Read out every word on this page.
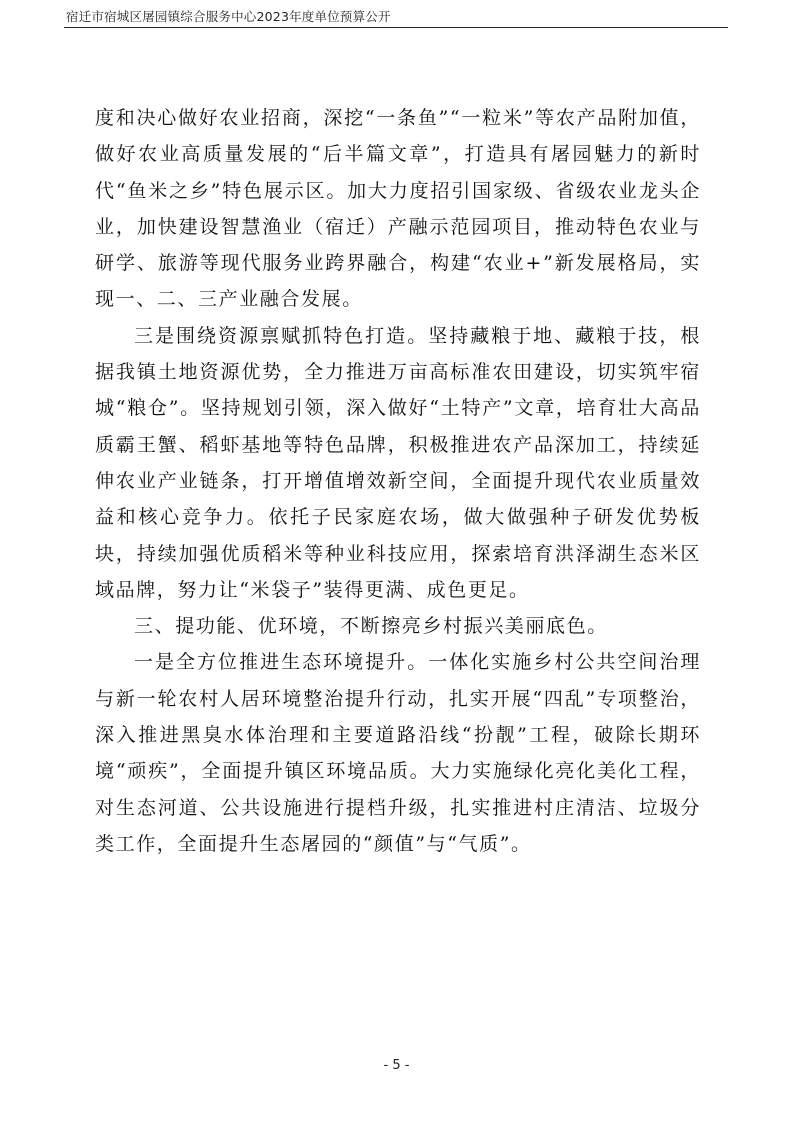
宿迁市宿城区屠园镇综合服务中心2023年度单位预算公开

度和决心做好农业招商，深挖“一条鱼”“一粒米”等农产品附加值，做好农业高质量发展的“后半篇文章”，打造具有屠园魅力的新时代“鱼米之乡”特色展示区。加大力度招引国家级、省级农业龙头企业，加快建设智慧渔业（宿迁）产融示范园项目，推动特色农业与研学、旅游等现代服务业跨界融合，构建“农业+”新发展格局，实现一、二、三产业融合发展。

三是围绕资源禀赋抓特色打造。坚持藏粮于地、藏粮于技，根据我镇土地资源优势，全力推进万亩高标准农田建设，切实筑牢宿城“粮仓”。坚持规划引领，深入做好“土特产”文章，培育壮大高品质霸王蟹、稻虾基地等特色品牌，积极推进农产品深加工，持续延伸农业产业链条，打开增值增效新空间，全面提升现代农业质量效益和核心竞争力。依托子民家庭农场，做大做强种子研发优势板块，持续加强优质稻米等种业科技应用，探索培育洪泽湖生态米区域品牌，努力让“米袋子”装得更满、成色更足。

三、提功能、优环境，不断擦亮乡村振兴美丽底色。

一是全方位推进生态环境提升。一体化实施乡村公共空间治理与新一轮农村人居环境整治提升行动，扎实开展“四乱”专项整治，深入推进黑臭水体治理和主要道路沿线“扮靓”工程，破除长期环境“顽疾”，全面提升镇区环境品质。大力实施绿化亮化美化工程，对生态河道、公共设施进行提档升级，扎实推进村庄清洁、垃圾分类工作，全面提升生态屠园的“颜值”与“气质”。

- 5 -
